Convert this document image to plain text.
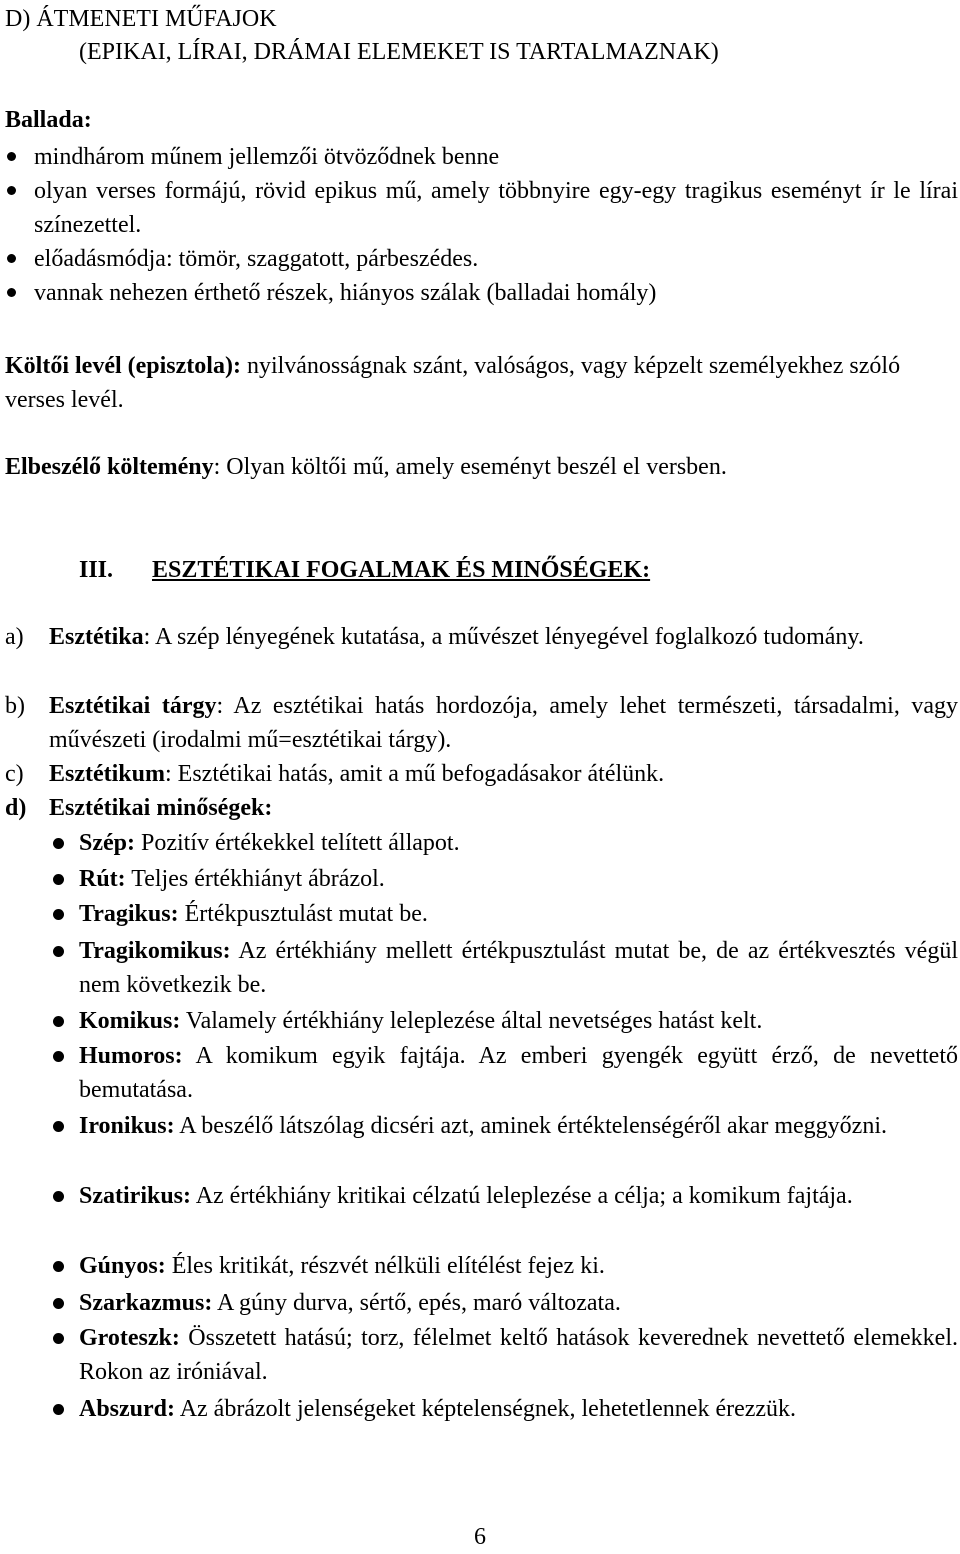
D) ÁTMENETI MŰFAJOK
(EPIKAI, LÍRAI, DRÁMAI ELEMEKET IS TARTALMAZNAK)
Ballada:
mindhárom műnem jellemzői ötvöződnek benne
olyan verses formájú, rövid epikus mű, amely többnyire egy-egy tragikus eseményt ír le lírai színezettel.
előadásmódja: tömör, szaggatott, párbeszédes.
vannak nehezen érthető részek, hiányos szálak (balladai homály)
Költői levél (episztola): nyilvánosságnak szánt, valóságos, vagy képzelt személyekhez szóló verses levél.
Elbeszélő költemény: Olyan költői mű, amely eseményt beszél el versben.
III. ESZTÉTIKAI FOGALMAK ÉS MINŐSÉGEK:
a) Esztétika: A szép lényegének kutatása, a művészet lényegével foglalkozó tudomány.
b) Esztétikai tárgy: Az esztétikai hatás hordozója, amely lehet természeti, társadalmi, vagy művészeti (irodalmi mű=esztétikai tárgy).
c) Esztétikum: Esztétikai hatás, amit a mű befogadásakor átélünk.
d) Esztétikai minőségek:
Szép: Pozitív értékekkel telített állapot.
Rút: Teljes értékhiányt ábrázol.
Tragikus: Értékpusztulást mutat be.
Tragikomikus: Az értékhiány mellett értékpusztulást mutat be, de az értékvesztés végül nem következik be.
Komikus: Valamely értékhiány leleplezése által nevetséges hatást kelt.
Humoros: A komikum egyik fajtája. Az emberi gyengék együtt érző, de nevettető bemutatása.
Ironikus: A beszélő látszólag dicséri azt, aminek értéktelenségéről akar meggyőzni.
Szatirikus: Az értékhiány kritikai célzatú leleplezése a célja; a komikum fajtája.
Gúnyos: Éles kritikát, részvét nélküli elítélést fejez ki.
Szarkazmus: A gúny durva, sértő, epés, maró változata.
Groteszk: Összetett hatású; torz, félelmet keltő hatások keverednek nevettető elemekkel. Rokon az iróniával.
Abszurd: Az ábrázolt jelenségeket képtelenségnek, lehetetlennek érezzük.
6
